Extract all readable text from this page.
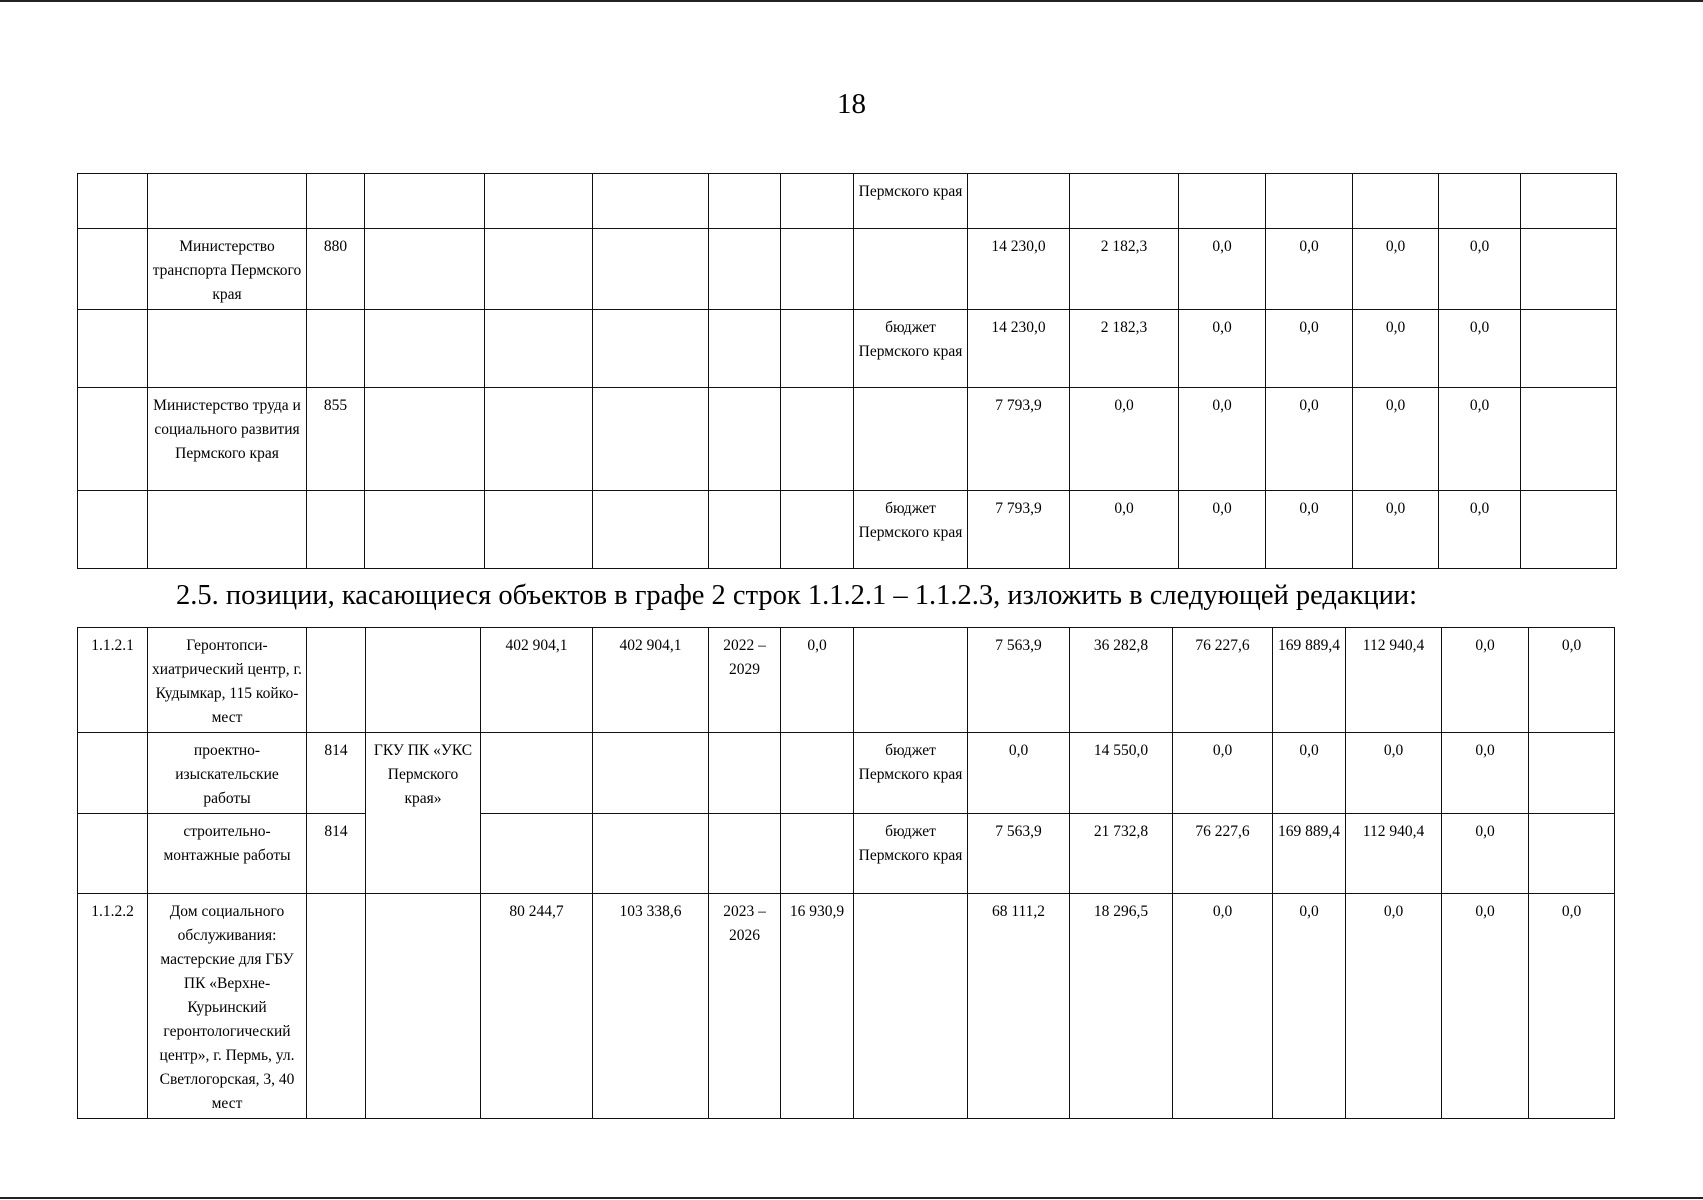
18
								Пермского края							
	Министерство транспорта Пермского края	880							14 230,0	2 182,3	0,0	0,0	0,0	0,0	
								бюджет Пермского края	14 230,0	2 182,3	0,0	0,0	0,0	0,0	
	Министерство труда и социального развития Пермского края	855							7 793,9	0,0	0,0	0,0	0,0	0,0	
								бюджет Пермского края	7 793,9	0,0	0,0	0,0	0,0	0,0	
2.5. позиции, касающиеся объектов в графе 2 строк 1.1.2.1 – 1.1.2.3, изложить в следующей редакции:
1.1.2.1	Геронтопси-хиатрический центр, г. Кудымкар, 115 койко-мест			402 904,1	402 904,1	2022 – 2029	0,0		7 563,9	36 282,8	76 227,6	169 889,4	112 940,4	0,0	0,0
	проектно-изыскательские работы	814	ГКУ ПК «УКС Пермского края»					бюджет Пермского края	0,0	14 550,0	0,0	0,0	0,0	0,0	
	строительно-монтажные работы	814						бюджет Пермского края	7 563,9	21 732,8	76 227,6	169 889,4	112 940,4	0,0	
1.1.2.2	Дом социального обслуживания: мастерские для ГБУ ПК «Верхне-Курьинский геронтологический центр», г. Пермь, ул. Светлогорская, 3, 40 мест			80 244,7	103 338,6	2023 – 2026	16 930,9		68 111,2	18 296,5	0,0	0,0	0,0	0,0	0,0
